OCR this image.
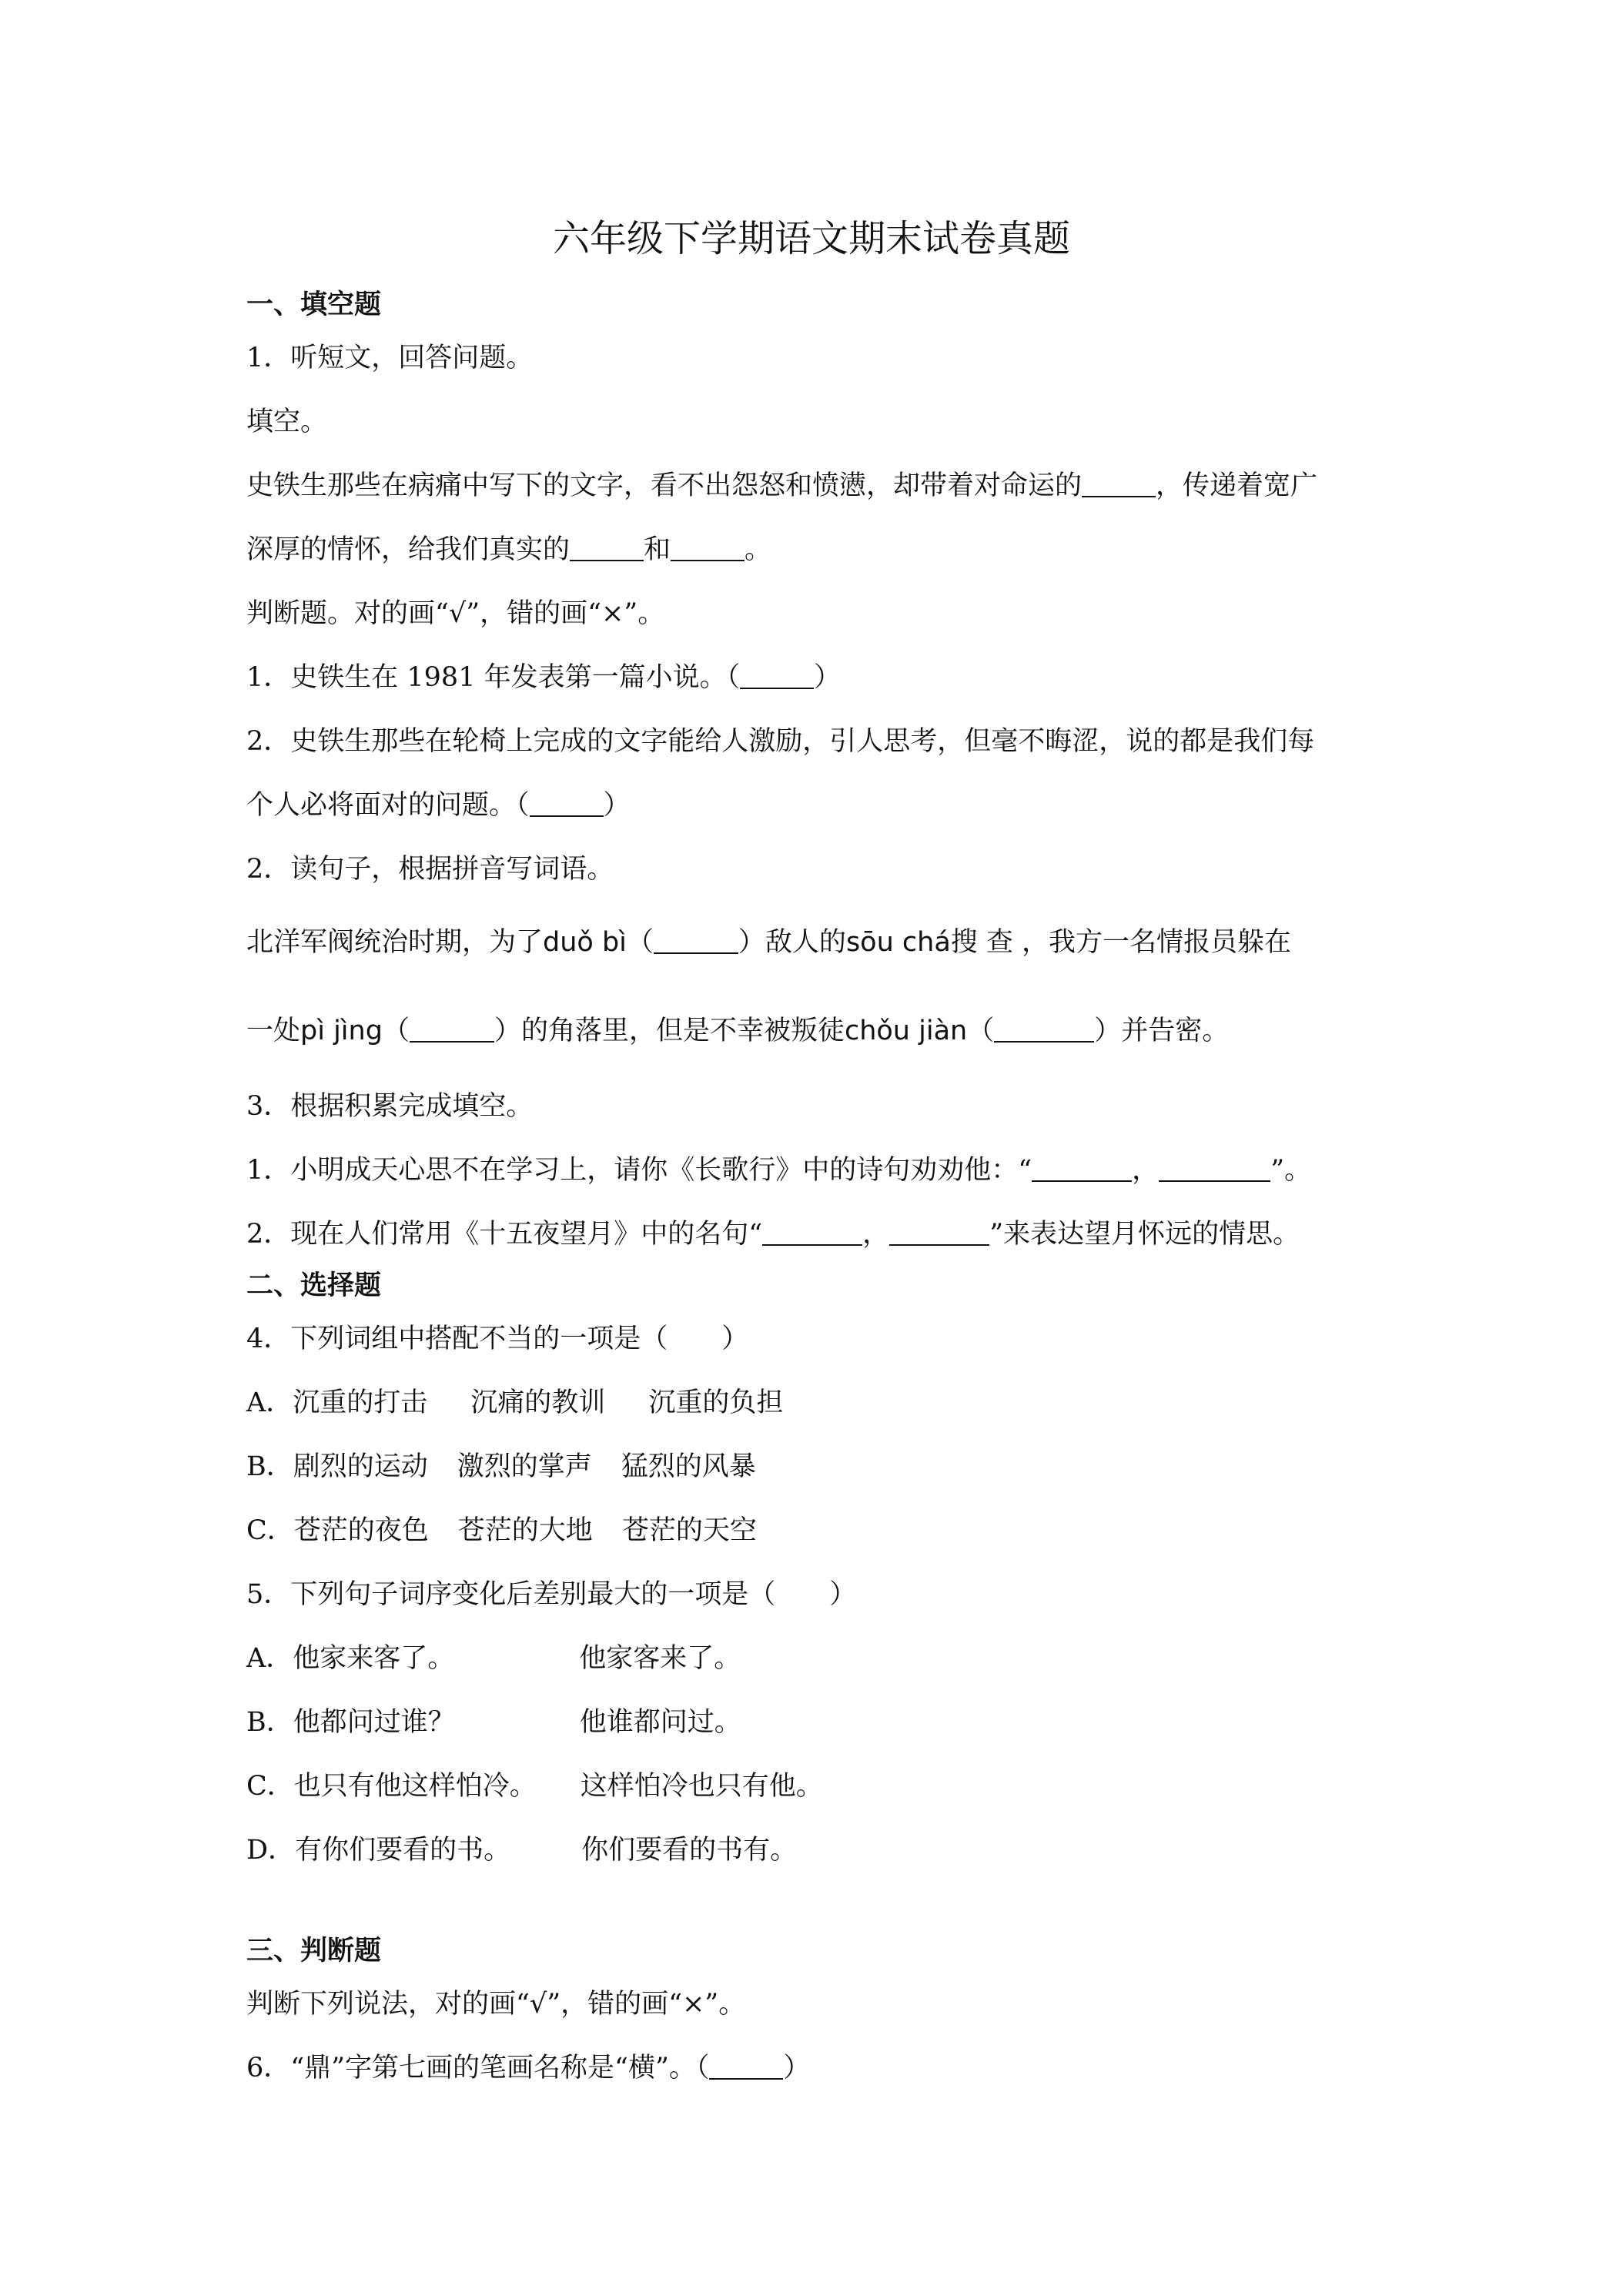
六年级下学期语文期末试卷真题

一、填空题

1．听短文，回答问题。

填空。

史铁生那些在病痛中写下的文字，看不出怨怒和愤懑，却带着对命运的	，传递着宽广

深厚的情怀，给我们真实的	和	。

判断题。对的画“√”，错的画“×”。

1．史铁生在 1981 年发表第一篇小说。（	）

2．史铁生那些在轮椅上完成的文字能给人激励，引人思考，但毫不晦涩，说的都是我们每

个人必将面对的问题。（	）

2．读句子，根据拼音写词语。

北洋军阀统治时期，为了duǒ bì（	）敌人的sōu chá搜 查 ，我方一名情报员躲在

一处pì jìng（	）的角落里，但是不幸被叛徒chǒu jiàn（	）并告密。

3．根据积累完成填空。

1．小明成天心思不在学习上，请你《长歌行》中的诗句劝劝他：“	，	”。

2．现在人们常用《十五夜望月》中的名句“	，	”来表达望月怀远的情思。

二、选择题

4．下列词组中搭配不当的一项是（　　）

A．沉重的打击 沉痛的教训 沉重的负担

B．剧烈的运动 激烈的掌声 猛烈的风暴

C．苍茫的夜色 苍茫的大地 苍茫的天空

5．下列句子词序变化后差别最大的一项是（　　）

A．他家来客了。	他家客来了。

B．他都问过谁？	他谁都问过。

C．也只有他这样怕冷。 这样怕冷也只有他。

D．有你们要看的书。	你们要看的书有。

三、判断题

判断下列说法，对的画“√”，错的画“×”。

6．“鼎”字第七画的笔画名称是“横”。（	）
